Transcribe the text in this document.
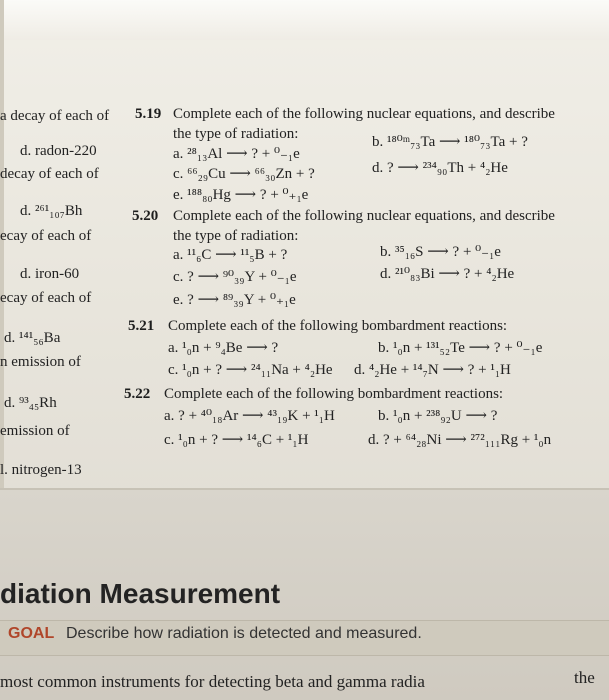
a decay of each of
d. radon-220
decay of each of
d. ²⁶¹₁₀₇Bh
ecay of each of
d. iron-60
ecay of each of
d. ¹⁴¹₅₆Ba
n emission of
d. ⁹³₄₅Rh
emission of
l. nitrogen-13
5.19 Complete each of the following nuclear equations, and describe
the type of radiation:
a. ²⁸₁₃Al ⟶ ? + ⁰₋₁e
b. ¹⁸⁰ᵐ₇₃Ta ⟶ ¹⁸⁰₇₃Ta + ?
c. ⁶⁶₂₉Cu ⟶ ⁶⁶₃₀Zn + ?	d. ? ⟶ ²³⁴₉₀Th + ⁴₂He
e. ¹⁸⁸₈₀Hg ⟶ ? + ⁰₊₁e
5.20 Complete each of the following nuclear equations, and describe
the type of radiation:
a. ¹¹₆C ⟶ ¹¹₅B + ?	b. ³⁵₁₆S ⟶ ? + ⁰₋₁e
c. ? ⟶ ⁹⁰₃₉Y + ⁰₋₁e	d. ²¹⁰₈₃Bi ⟶ ? + ⁴₂He
e. ? ⟶ ⁸⁹₃₉Y + ⁰₊₁e
5.21 Complete each of the following bombardment reactions:
a. ¹₀n + ⁹₄Be ⟶ ?	b. ¹₀n + ¹³¹₅₂Te ⟶ ? + ⁰₋₁e
c. ¹₀n + ? ⟶ ²⁴₁₁Na + ⁴₂He d. ⁴₂He + ¹⁴₇N ⟶ ? + ¹₁H
5.22 Complete each of the following bombardment reactions:
a. ? + ⁴⁰₁₈Ar ⟶ ⁴³₁₉K + ¹₁H	b. ¹₀n + ²³⁸₉₂U ⟶ ?
c. ¹₀n + ? ⟶ ¹⁴₆C + ¹₁H	d. ? + ⁶⁴₂₈Ni ⟶ ²⁷²₁₁₁Rg + ¹₀n
diation Measurement
GOAL Describe how radiation is detected and measured.
most common instruments for detecting beta and gamma radia	the
